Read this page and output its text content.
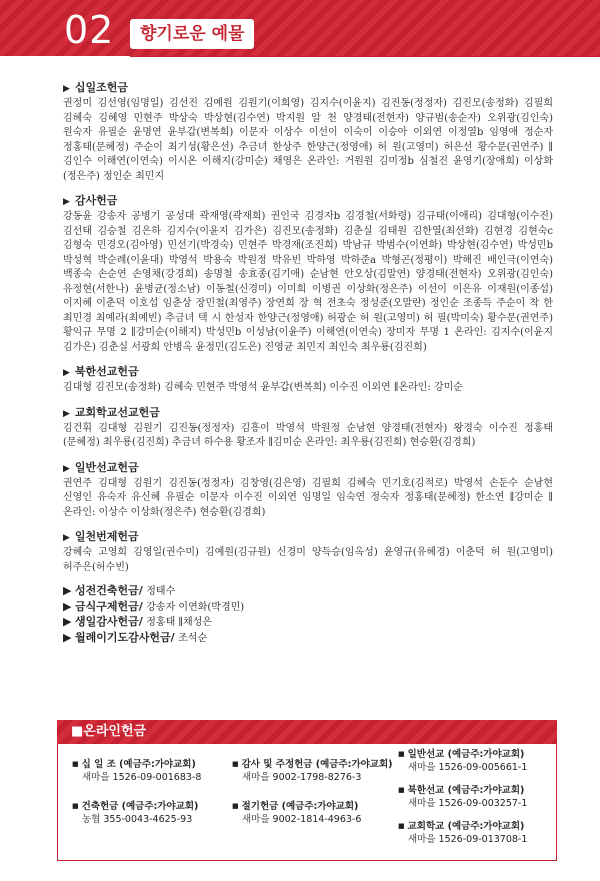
02	향기로운 예물
▶ 십일조헌금
권정미 김선영(임명일) 김선진 김예원 김원기(이희영) 김지수(이윤지) 김진동(정정자) 김진모(송정화) 김필희 김혜숙 김혜영 민현주 박상숙 박상현(김수연) 박지원 알 천 양경태(전현자) 양규범(송순자) 오위광(김인숙) 원숙자 유필순 윤명연 윤부갑(변복희) 이문자 이상수 이선이 이숙이 이승아 이외연 이정열b 임영애 정순자 정홍태(문혜정) 주순이 최기성(황은선) 추금녀 한상주 한양근(정영애) 허 원(고영미) 허은선 황수문(권연주) ∥김인수 이해연(이연숙) 이시온 이해지(강미순) 채영은 온라인: 거원원 김미정b 심철진 윤영기(장애희) 이상화(정은주) 정인순 최민지
▶ 감사헌금
강동윤 강송자 공병기 공성대 곽재영(곽재희) 권인국 김경자b 김경철(서화령) 김규태(이애리) 김대형(이수진) 김선태 김승철 김은하 김지수(이윤지 김가은) 김진모(송정화) 김춘실 김태원 김한열(최선화) 김현경 김현숙c 김형숙 민경오(김아영) 민선기(박경숙) 민현주 박경재(조진희) 박남규 박범수(이연화) 박상현(김수연) 박성민b 박성혁 박순례(이윤대) 박영석 박용숙 박원정 박유빈 박하영 박하준a 박형곤(정평이) 박해진 배인극(이연숙) 백종숙 손순연 손영채(강경희) 송명철 송효종(김기애) 순남현 안오상(김말연) 양경태(전현자) 오위광(김인숙) 유정현(서한나) 윤병균(정소남) 이동철(신경미) 이미희 이병권 이상화(정은주) 이선이 이은유 이재원(이종섭) 이지혜 이춘덕 이호섭 임춘상 장민철(최영주) 장연희 장 혁 전초숙 정성준(오말란) 정인순 조종득 주순이 착 한 최민경 최예라(최예빈) 추금녀 택 시 한성자 한양근(정영애) 허광순 허 원(고영미) 허 필(박미숙) 황수문(권연주) 황익규 무명 2 ∥강미순(이해지) 박성민b 이성남(이윤주) 이해연(이연숙) 장미자 무명 1 온라인: 김지수(이윤지 김가은) 김춘실 서광희 안병옥 윤정민(김도은) 진영균 최민지 최인숙 최우룡(김진희)
▶ 북한선교헌금
김대형 김진모(송정화) 김혜숙 민현주 박영석 윤부갑(변복희) 이수진 이외연 ∥온라인: 강미순
▶ 교회학교선교헌금
김건휘 김대형 김원기 김진동(정정자) 김흥이 박영석 박원정 순남현 양경태(전현자) 왕경숙 이수진 정홍태(문혜정) 최우룡(김진희) 추금녀 하수용 황조자 ∥김미순 온라인: 최우룡(김진희) 현승환(김경희)
▶ 일반선교헌금
권연주 김대형 김원기 김진동(정정자) 김창영(김은영) 김필희 김혜숙 민기호(김적로) 박영석 손둔수 순남현 신영인 유숙자 유신혜 유필순 이문자 이수진 이외연 임명일 임숙연 정숙자 정홍태(문혜정) 한소연 ∥강미순 ∥온라인: 이상수 이상화(정은주) 현승환(김경희)
▶ 일천번제헌금
강혜숙 고영희 김영일(권수미) 김예원(김규원) 신경미 양득승(임옥성) 윤영규(유혜경) 이춘덕 허 원(고영미) 허주은(허수빈)
▶ 성전건축헌금/ 정태수
▶ 금식구제헌금/ 강송자 이연화(박경민)
▶ 생일감사헌금/ 정홍태 ∥채성은
▶ 월례이기도감사헌금/ 조석순
■온라인헌금
■ 십 일 조 (예금주:가야교회)
새마을 1526-09-001683-8
■ 건축헌금 (예금주:가야교회)
농협 355-0043-4625-93
■ 감사 및 주정헌금 (예금주:가야교회)
새마을 9002-1798-8276-3
■ 절기헌금 (예금주:가야교회)
새마을 9002-1814-4963-6
■ 일반선교 (예금주:가야교회)
새마을 1526-09-005661-1
■ 북한선교 (예금주:가야교회)
새마을 1526-09-003257-1
■ 교회학교 (예금주:가야교회)
새마을 1526-09-013708-1
